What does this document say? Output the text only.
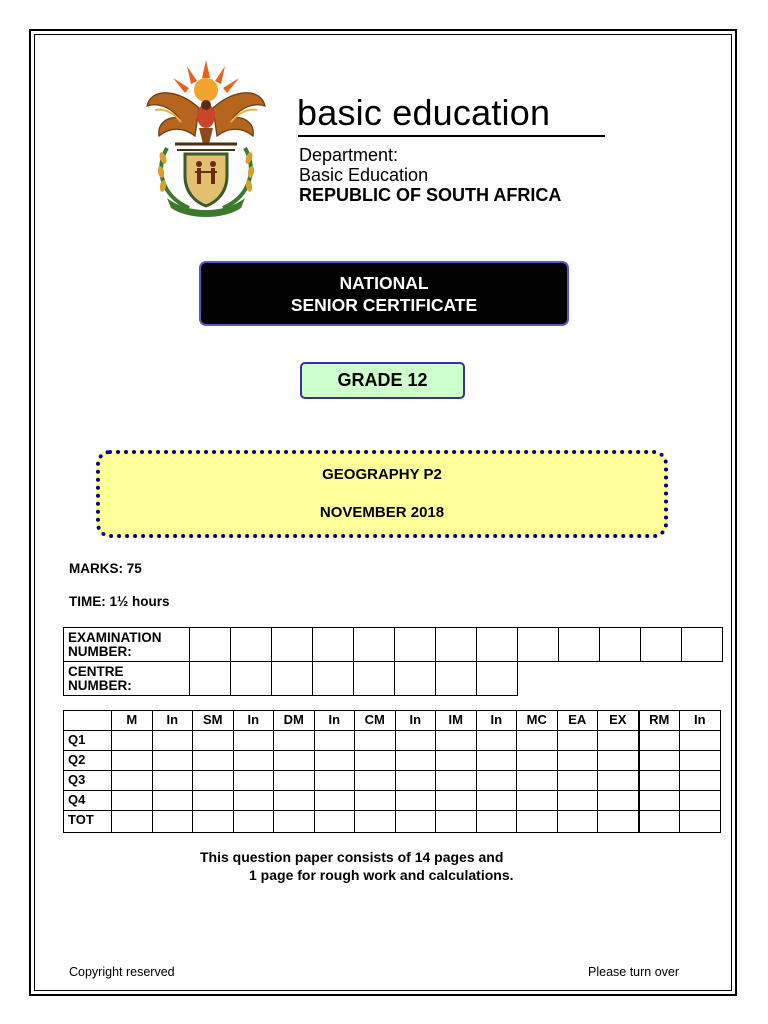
basic education
Department:
Basic Education
REPUBLIC OF SOUTH AFRICA
NATIONAL
SENIOR CERTIFICATE
GRADE 12
GEOGRAPHY P2
NOVEMBER 2018
MARKS: 75
TIME: 1½ hours
EXAMINATION NUMBER:													
CENTRE NUMBER:													
	M	In	SM	In	DM	In	CM	In	IM	In	MC	EA	EX	RM	In
Q1															
Q2															
Q3															
Q4															
TOT															
This question paper consists of 14 pages and
1 page for rough work and calculations.
Copyright reserved	Please turn over
